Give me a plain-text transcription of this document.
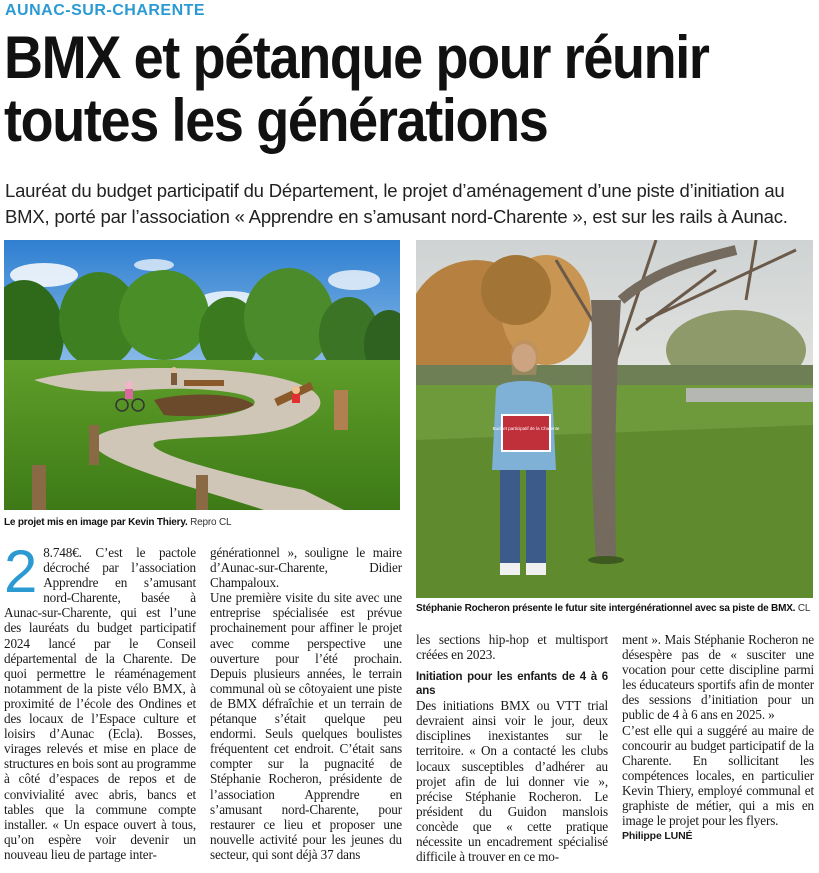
AUNAC-SUR-CHARENTE
BMX et pétanque pour réunir
toutes les générations
Lauréat du budget participatif du Département, le projet d’aménagement d’une piste d’initiation au BMX, porté par l’association « Apprendre en s’amusant nord-Charente », est sur les rails à Aunac.
Le projet mis en image par Kevin Thiery. Repro CL
Budget participatif de la Charente
Stéphanie Rocheron présente le futur site intergénérationnel avec sa piste de BMX. CL
2 8.748€. C’est le pactole décroché par l’association Apprendre en s’amusant nord-Charente, basée à Aunac-sur-Charente, qui est l’une des lauréats du budget participatif 2024 lancé par le Conseil départemental de la Charente. De quoi permettre le réaménagement notamment de la piste vélo BMX, à proximité de l’école des Ondines et des locaux de l’Espace culture et loisirs d’Aunac (Ecla). Bosses, virages relevés et mise en place de structures en bois sont au programme à côté d’espaces de repos et de convivialité avec abris, bancs et tables que la commune compte installer. « Un espace ouvert à tous, qu’on espère voir devenir un nouveau lieu de partage inter-

générationnel », souligne le maire d’Aunac-sur-Charente, Didier Champaloux.

Une première visite du site avec une entreprise spécialisée est prévue prochainement pour affiner le projet avec comme perspective une ouverture pour l’été prochain. Depuis plusieurs années, le terrain communal où se côtoyaient une piste de BMX défraîchie et un terrain de pétanque s’était quelque peu endormi. Seuls quelques boulistes fréquentent cet endroit. C’était sans compter sur la pugnacité de Stéphanie Rocheron, présidente de l’association Apprendre en s’amusant nord-Charente, pour restaurer ce lieu et proposer une nouvelle activité pour les jeunes du secteur, qui sont déjà 37 dans

les sections hip-hop et multisport créées en 2023.

Initiation pour les enfants de 4 à 6 ans

Des initiations BMX ou VTT trial devraient ainsi voir le jour, deux disciplines inexistantes sur le territoire. « On a contacté les clubs locaux susceptibles d’adhérer au projet afin de lui donner vie », précise Stéphanie Rocheron. Le président du Guidon manslois concède que « cette pratique nécessite un encadrement spécialisé difficile à trouver en ce mo-

ment ». Mais Stéphanie Rocheron ne désespère pas de « susciter une vocation pour cette discipline parmi les éducateurs sportifs afin de monter des sessions d’initiation pour un public de 4 à 6 ans en 2025. »

C’est elle qui a suggéré au maire de concourir au budget participatif de la Charente. En sollicitant les compétences locales, en particulier Kevin Thiery, employé communal et graphiste de métier, qui a mis en image le projet pour les flyers.

Philippe LUNÉ
